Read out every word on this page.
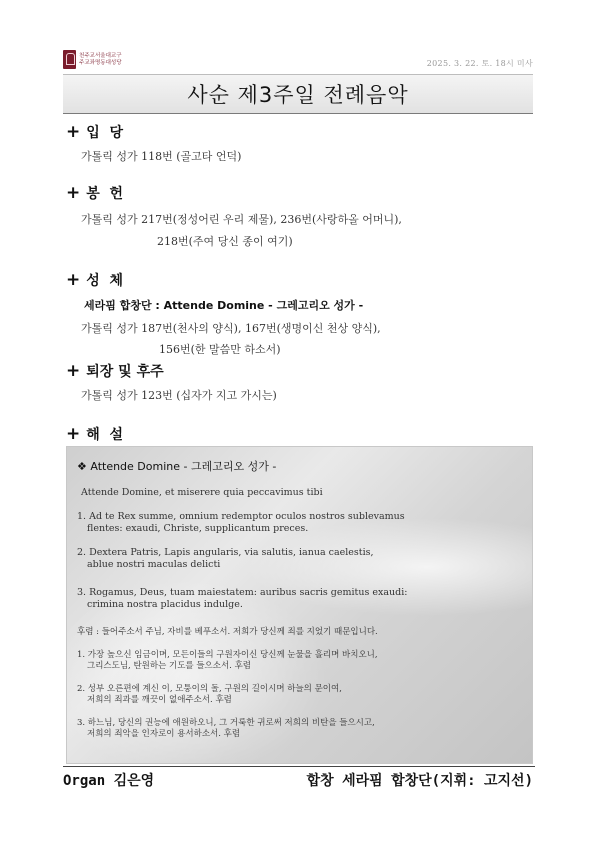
천주교서울대교구
주교좌명동대성당	2025. 3. 22. 토. 18시 미사
사순 제3주일 전례음악
+ 입  당
가톨릭 성가 118번 (골고타 언덕)
+ 봉  헌
가톨릭 성가 217번(정성어린 우리 제물), 236번(사랑하올 어머니),
218번(주여 당신 종이 여기)
+ 성  체
세라핌 합창단 : Attende Domine - 그레고리오 성가 -
가톨릭 성가 187번(천사의 양식), 167번(생명이신 천상 양식),
156번(한 말씀만 하소서)
+ 퇴장 및 후주
가톨릭 성가 123번 (십자가 지고 가시는)
+ 해  설
❖ Attende Domine - 그레고리오 성가 -
Attende Domine, et miserere quia peccavimus tibi
1. Ad te Rex summe, omnium redemptor oculos nostros sublevamus
flentes: exaudi, Christe, supplicantum preces.
2. Dextera Patris, Lapis angularis, via salutis, ianua caelestis,
ablue nostri maculas delicti
3. Rogamus, Deus, tuam maiestatem: auribus sacris gemitus exaudi:
crimina nostra placidus indulge.
후렴 : 들어주소서 주님, 자비를 베푸소서. 저희가 당신께 죄를 지었기 때문입니다.
1. 가장 높으신 임금이며, 모든이들의 구원자이신 당신께 눈물을 흘리며 바치오니,
그리스도님, 탄원하는 기도를 들으소서. 후렴
2. 성부 오른편에 계신 이, 모퉁이의 돌, 구원의 길이시며 하늘의 문이여,
저희의 죄과를 깨끗이 없애주소서. 후렴
3. 하느님, 당신의 권능에 애원하오니, 그 거룩한 귀로써 저희의 비탄을 들으시고,
저희의 죄악을 인자로이 용서하소서. 후렴
Organ 김은영	합창 세라핌 합창단(지휘: 고지선)
